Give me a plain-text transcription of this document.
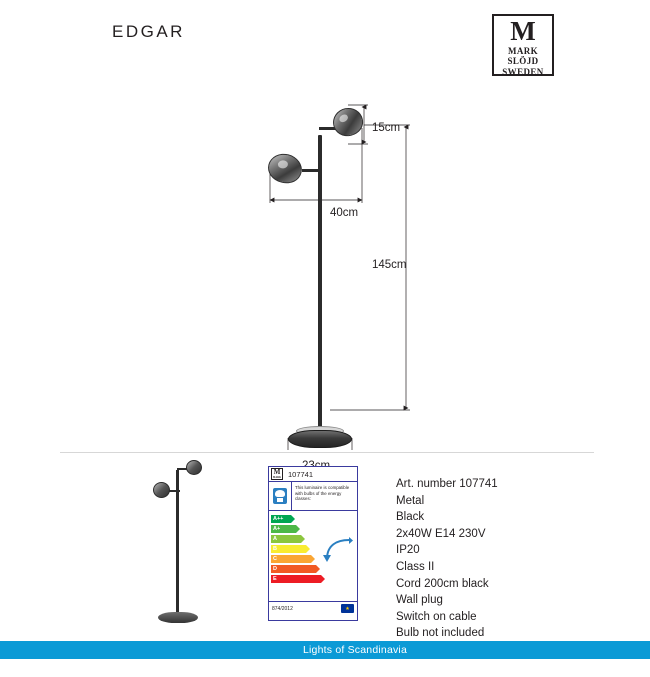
EDGAR	M
MARK
SLÖJD
SWEDEN
15cm
40cm
145cm
M
MARK 107741
This luminaire is compatible with bulbs of the energy classes:
A++
A+
A
B
C
D
E
874/2012
★
Art. number 107741
Metal
Black
2x40W E14 230V
IP20
Class II
Cord 200cm black
Wall plug
Switch on cable
Bulb not included
Lights of Scandinavia
